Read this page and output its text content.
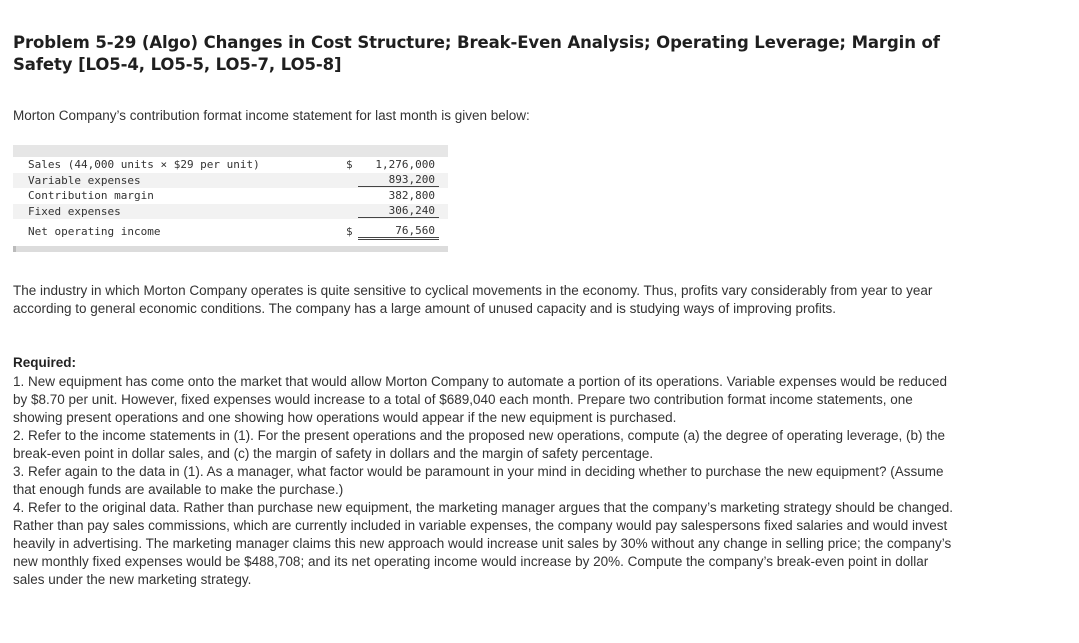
Problem 5-29 (Algo) Changes in Cost Structure; Break-Even Analysis; Operating Leverage; Margin of Safety [LO5-4, LO5-5, LO5-7, LO5-8]

Morton Company’s contribution format income statement for last month is given below:

Sales (44,000 units × $29 per unit)	$	1,276,000
Variable expenses	893,200
Contribution margin	382,800
Fixed expenses	306,240
Net operating income	$	76,560

The industry in which Morton Company operates is quite sensitive to cyclical movements in the economy. Thus, profits vary considerably from year to year according to general economic conditions. The company has a large amount of unused capacity and is studying ways of improving profits.

Required:

1. New equipment has come onto the market that would allow Morton Company to automate a portion of its operations. Variable expenses would be reduced by $8.70 per unit. However, fixed expenses would increase to a total of $689,040 each month. Prepare two contribution format income statements, one showing present operations and one showing how operations would appear if the new equipment is purchased.

2. Refer to the income statements in (1). For the present operations and the proposed new operations, compute (a) the degree of operating leverage, (b) the break-even point in dollar sales, and (c) the margin of safety in dollars and the margin of safety percentage.

3. Refer again to the data in (1). As a manager, what factor would be paramount in your mind in deciding whether to purchase the new equipment? (Assume that enough funds are available to make the purchase.)

4. Refer to the original data. Rather than purchase new equipment, the marketing manager argues that the company’s marketing strategy should be changed. Rather than pay sales commissions, which are currently included in variable expenses, the company would pay salespersons fixed salaries and would invest heavily in advertising. The marketing manager claims this new approach would increase unit sales by 30% without any change in selling price; the company’s new monthly fixed expenses would be $488,708; and its net operating income would increase by 20%. Compute the company’s break-even point in dollar sales under the new marketing strategy.
